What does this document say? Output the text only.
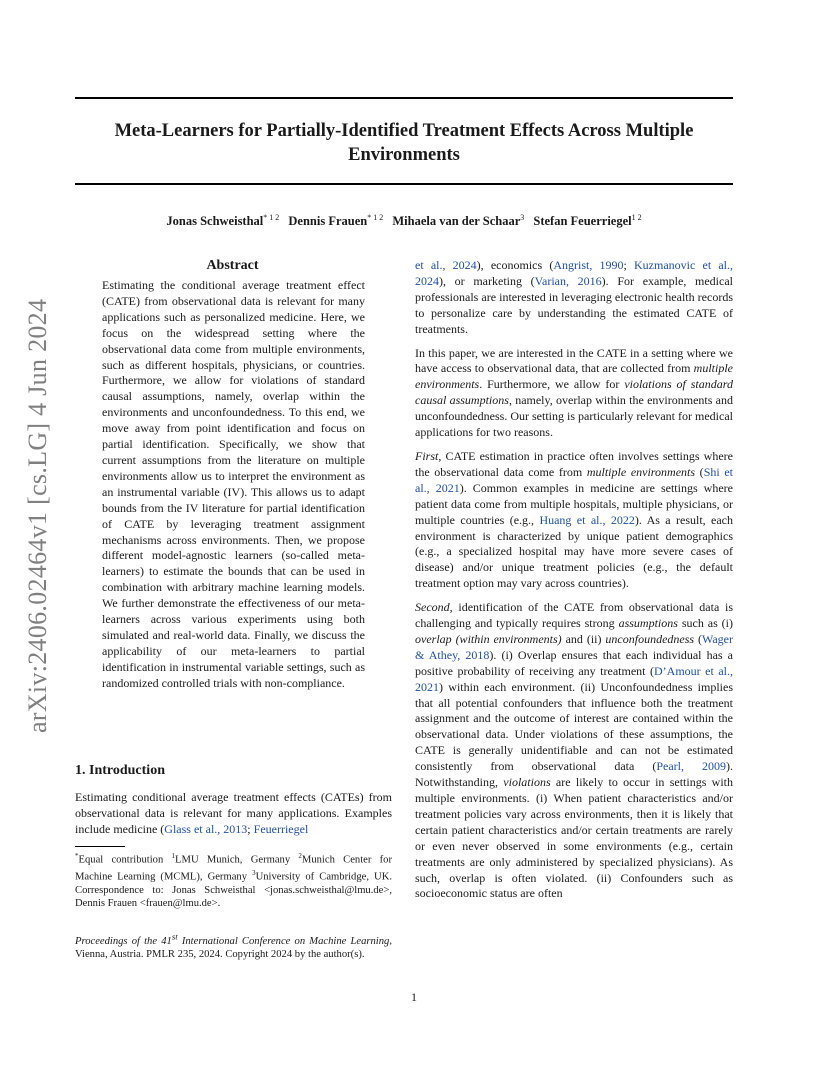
arXiv:2406.02464v1 [cs.LG] 4 Jun 2024
Meta-Learners for Partially-Identified Treatment Effects Across Multiple Environments
Jonas Schweisthal$^{* 1 2}$ Dennis Frauen$^{* 1 2}$ Mihaela van der Schaar$^3$ Stefan Feuerriegel$^{1 2}$
Abstract

Estimating the conditional average treatment effect (CATE) from observational data is relevant for many applications such as personalized medicine. Here, we focus on the widespread setting where the observational data come from multiple environments, such as different hospitals, physicians, or countries. Furthermore, we allow for violations of standard causal assumptions, namely, overlap within the environments and unconfoundedness. To this end, we move away from point identification and focus on partial identification. Specifically, we show that current assumptions from the literature on multiple environments allow us to interpret the environment as an instrumental variable (IV). This allows us to adapt bounds from the IV literature for partial identification of CATE by leveraging treatment assignment mechanisms across environments. Then, we propose different model-agnostic learners (so-called meta-learners) to estimate the bounds that can be used in combination with arbitrary machine learning models. We further demonstrate the effectiveness of our meta-learners across various experiments using both simulated and real-world data. Finally, we discuss the applicability of our meta-learners to partial identification in instrumental variable settings, such as randomized controlled trials with non-compliance.

1. Introduction
Estimating conditional average treatment effects (CATEs) from observational data is relevant for many applications. Examples include medicine (Glass et al., 2013; Feuerriegel
*Equal contribution $^1$LMU Munich, Germany $^2$Munich Center for Machine Learning (MCML), Germany $^3$University of Cambridge, UK. Correspondence to: Jonas Schweisthal <jonas.schweisthal@lmu.de>, Dennis Frauen <frauen@lmu.de>.
Proceedings of the 41st International Conference on Machine Learning, Vienna, Austria. PMLR 235, 2024. Copyright 2024 by the author(s).

et al., 2024), economics (Angrist, 1990; Kuzmanovic et al., 2024), or marketing (Varian, 2016). For example, medical professionals are interested in leveraging electronic health records to personalize care by understanding the estimated CATE of treatments.

In this paper, we are interested in the CATE in a setting where we have access to observational data, that are collected from multiple environments. Furthermore, we allow for violations of standard causal assumptions, namely, overlap within the environments and unconfoundedness. Our setting is particularly relevant for medical applications for two reasons.

First, CATE estimation in practice often involves settings where the observational data come from multiple environments (Shi et al., 2021). Common examples in medicine are settings where patient data come from multiple hospitals, multiple physicians, or multiple countries (e.g., Huang et al., 2022). As a result, each environment is characterized by unique patient demographics (e.g., a specialized hospital may have more severe cases of disease) and/or unique treatment policies (e.g., the default treatment option may vary across countries).

Second, identification of the CATE from observational data is challenging and typically requires strong assumptions such as (i) overlap (within environments) and (ii) unconfoundedness (Wager & Athey, 2018). (i) Overlap ensures that each individual has a positive probability of receiving any treatment (D’Amour et al., 2021) within each environment. (ii) Unconfoundedness implies that all potential confounders that influence both the treatment assignment and the outcome of interest are contained within the observational data. Under violations of these assumptions, the CATE is generally unidentifiable and can not be estimated consistently from observational data (Pearl, 2009). Notwithstanding, violations are likely to occur in settings with multiple environments. (i) When patient characteristics and/or treatment policies vary across environments, then it is likely that certain patient characteristics and/or certain treatments are rarely or even never observed in some environments (e.g., certain treatments are only administered by specialized physicians). As such, overlap is often violated. (ii) Confounders such as socioeconomic status are often

1
